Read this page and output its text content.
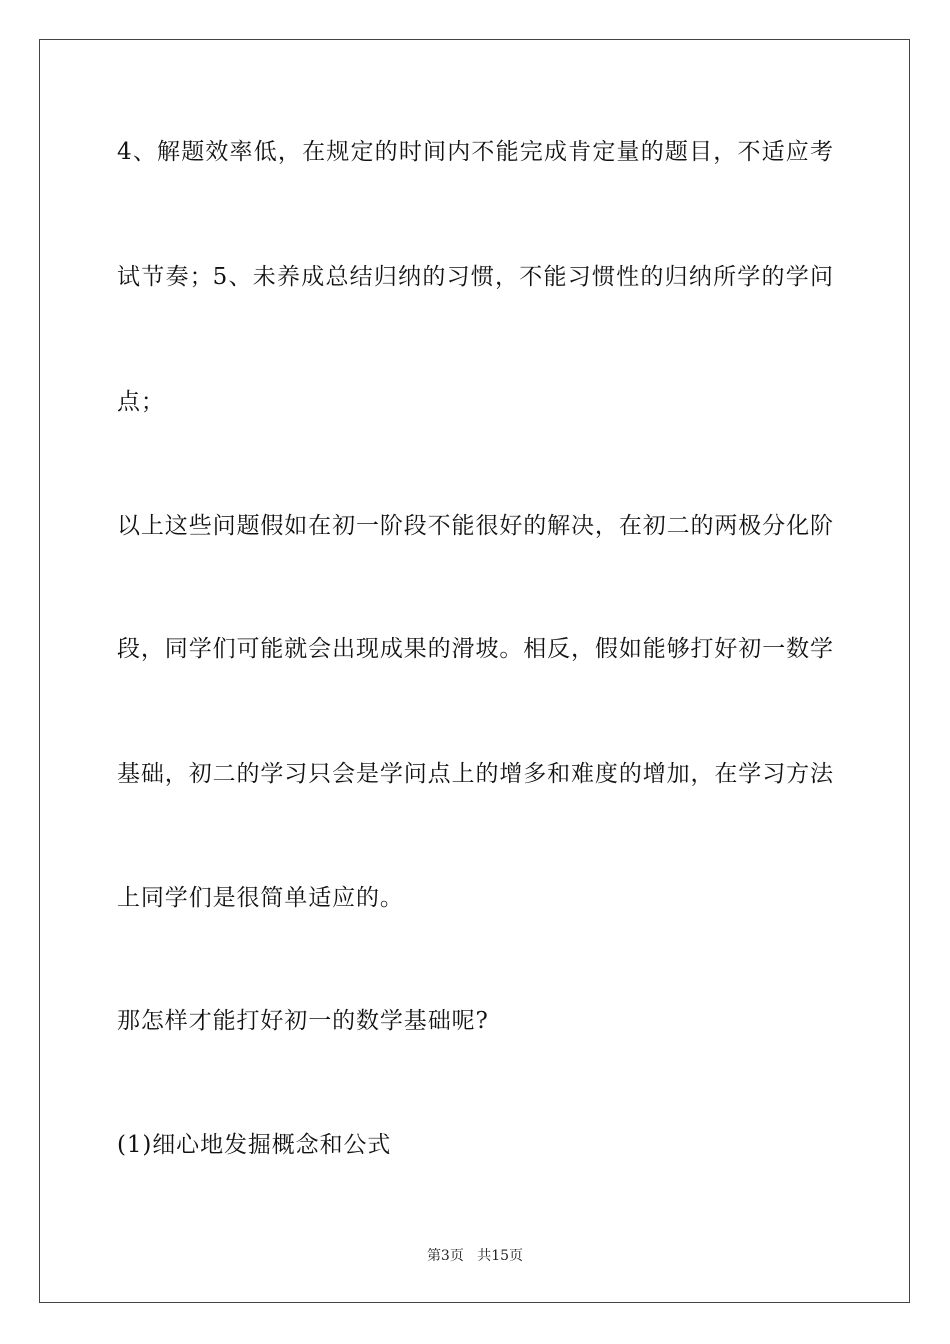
4、解题效率低，在规定的时间内不能完成肯定量的题目，不适应考

试节奏；5、未养成总结归纳的习惯，不能习惯性的归纳所学的学问

点；

以上这些问题假如在初一阶段不能很好的解决，在初二的两极分化阶

段，同学们可能就会出现成果的滑坡。相反，假如能够打好初一数学

基础，初二的学习只会是学问点上的增多和难度的增加，在学习方法

上同学们是很简单适应的。

那怎样才能打好初一的数学基础呢?

(1)细心地发掘概念和公式

第3页 共15页
